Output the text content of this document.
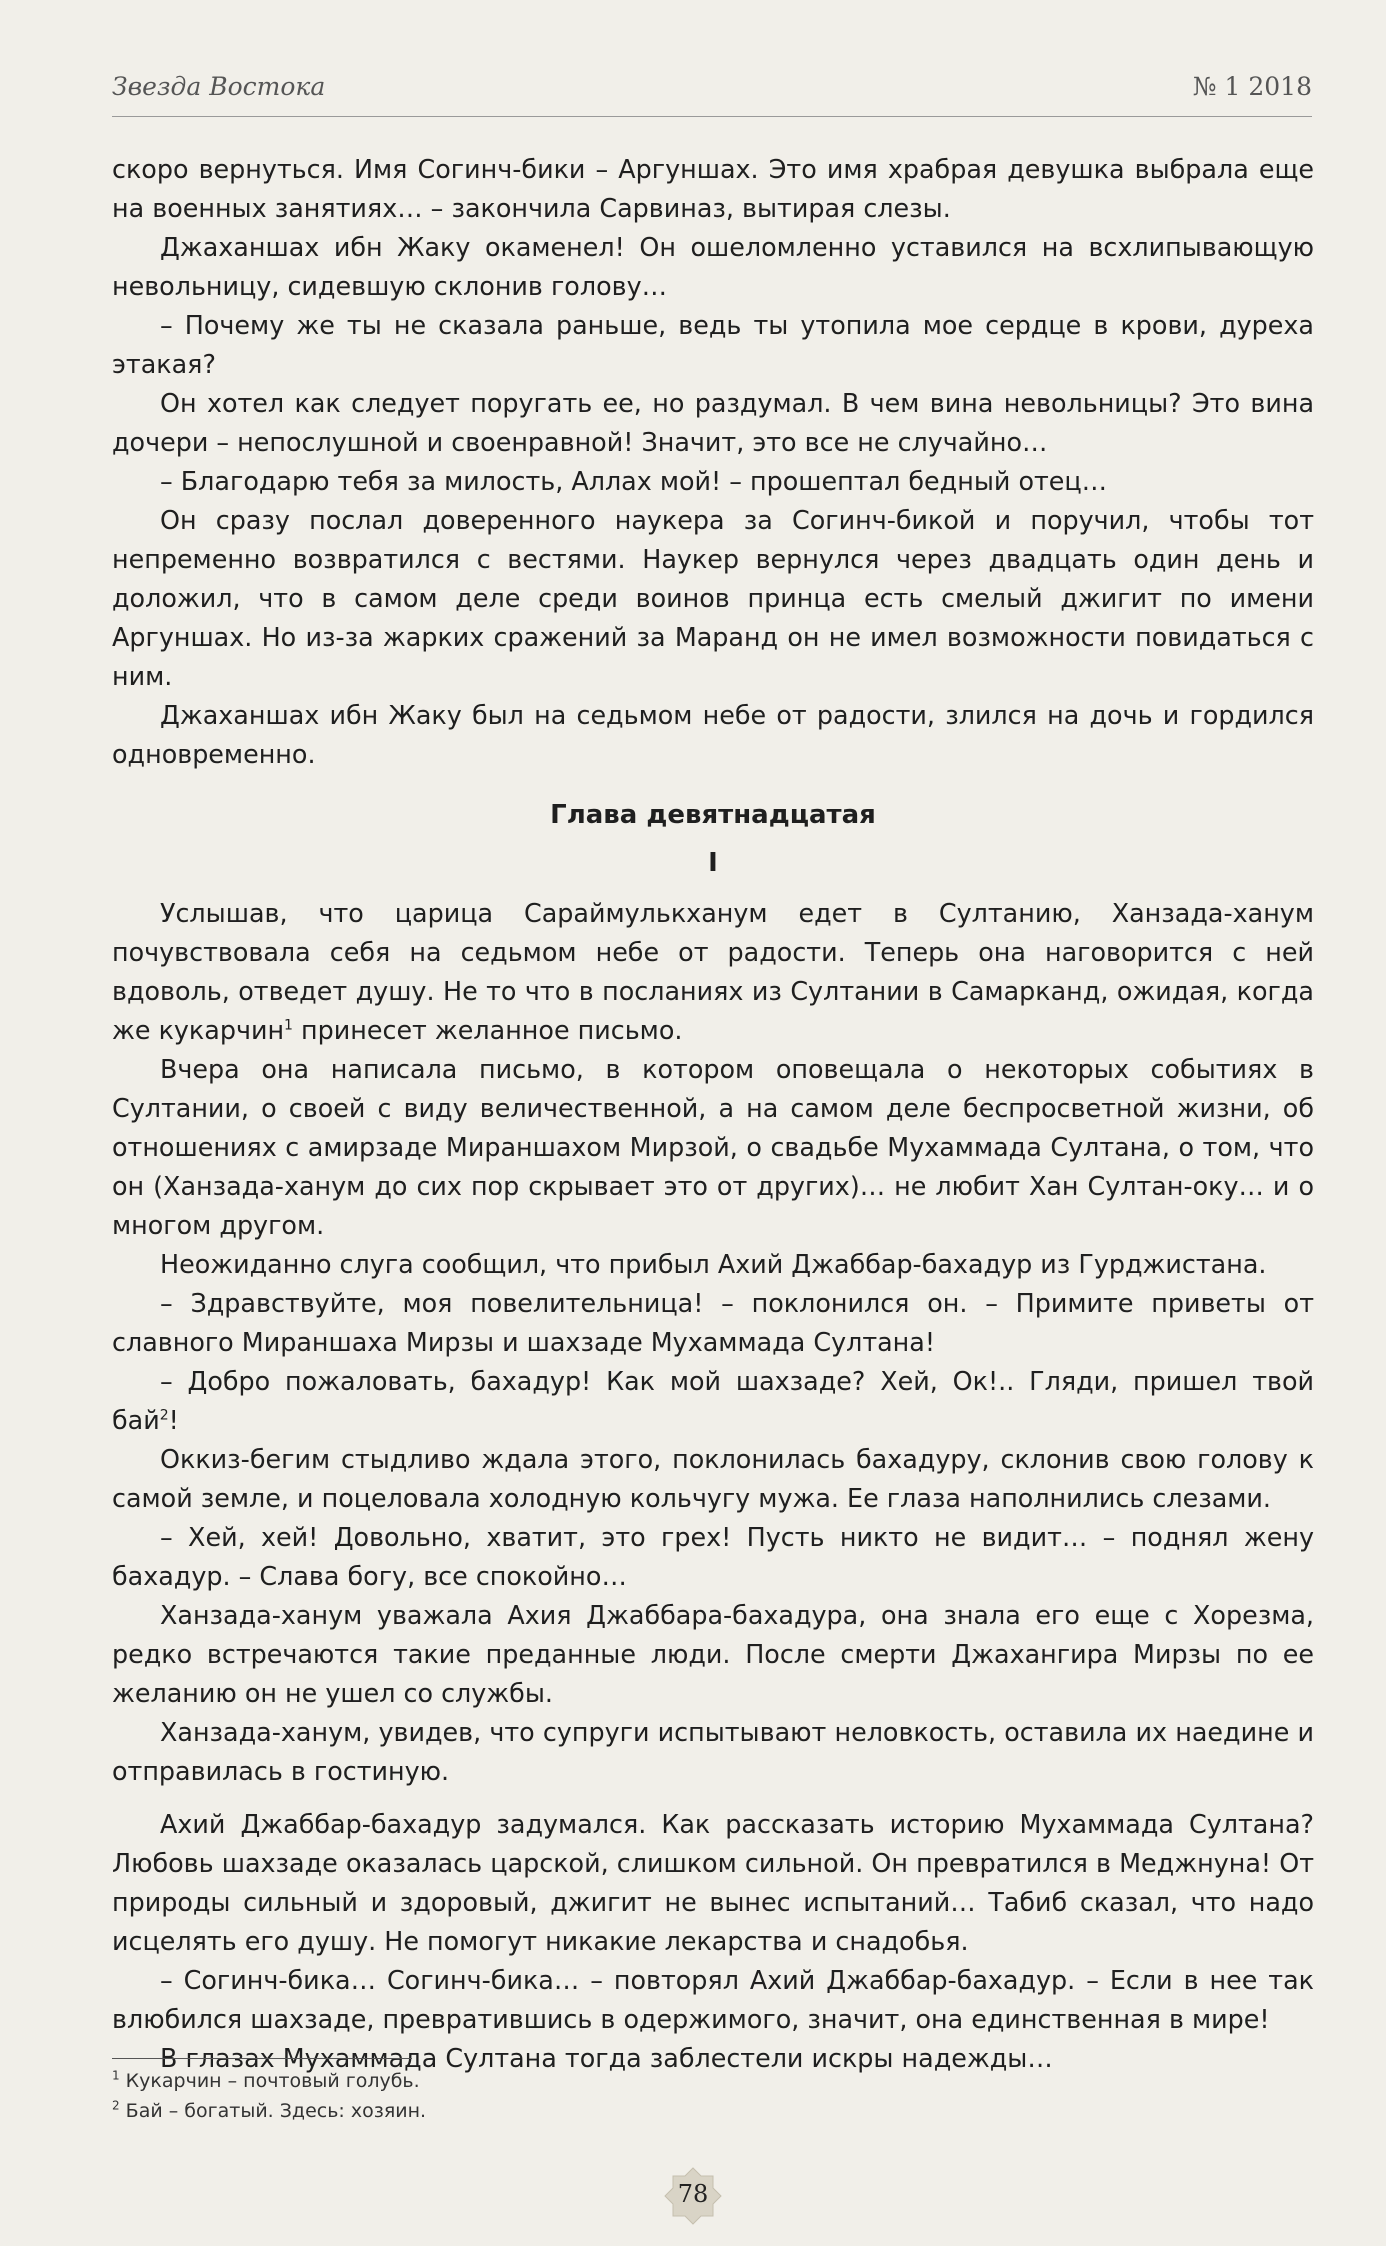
Звезда Востока	№ 1 2018

скоро вернуться. Имя Согинч-бики – Аргуншах. Это имя храбрая девушка выбрала еще на военных занятиях… – закончила Сарвиназ, вытирая слезы.

Джаханшах ибн Жаку окаменел! Он ошеломленно уставился на всхлипывающую невольницу, сидевшую склонив голову…

– Почему же ты не сказала раньше, ведь ты утопила мое сердце в крови, дуреха этакая?

Он хотел как следует поругать ее, но раздумал. В чем вина невольницы? Это вина дочери – непослушной и своенравной! Значит, это все не случайно…

– Благодарю тебя за милость, Аллах мой! – прошептал бедный отец…

Он сразу послал доверенного наукера за Согинч-бикой и поручил, чтобы тот непременно возвратился с вестями. Наукер вернулся через двадцать один день и доложил, что в самом деле среди воинов принца есть смелый джигит по имени Аргуншах. Но из-за жарких сражений за Маранд он не имел возможности повидаться с ним.

Джаханшах ибн Жаку был на седьмом небе от радости, злился на дочь и гордился одновременно.

Глава девятнадцатая
I

Услышав, что царица Сараймулькханум едет в Султанию, Ханзада-ханум почувствовала себя на седьмом небе от радости. Теперь она наговорится с ней вдоволь, отведет душу. Не то что в посланиях из Султании в Самарканд, ожидая, когда же кукарчин$^1$ принесет желанное письмо.

Вчера она написала письмо, в котором оповещала о некоторых событиях в Султании, о своей с виду величественной, а на самом деле беспросветной жизни, об отношениях с амирзаде Мираншахом Мирзой, о свадьбе Мухаммада Султана, о том, что он (Ханзада-ханум до сих пор скрывает это от других)… не любит Хан Султан-оку… и о многом другом.

Неожиданно слуга сообщил, что прибыл Ахий Джаббар-бахадур из Гурджистана.

– Здравствуйте, моя повелительница! – поклонился он. – Примите приветы от славного Мираншаха Мирзы и шахзаде Мухаммада Султана!

– Добро пожаловать, бахадур! Как мой шахзаде? Хей, Ок!.. Гляди, пришел твой бай$^2$!

Оккиз-бегим стыдливо ждала этого, поклонилась бахадуру, склонив свою голову к самой земле, и поцеловала холодную кольчугу мужа. Ее глаза наполнились слезами.

– Хей, хей! Довольно, хватит, это грех! Пусть никто не видит… – поднял жену бахадур. – Слава богу, все спокойно…

Ханзада-ханум уважала Ахия Джаббара-бахадура, она знала его еще с Хорезма, редко встречаются такие преданные люди. После смерти Джахангира Мирзы по ее желанию он не ушел со службы.

Ханзада-ханум, увидев, что супруги испытывают неловкость, оставила их наедине и отправилась в гостиную.

Ахий Джаббар-бахадур задумался. Как рассказать историю Мухаммада Султана? Любовь шахзаде оказалась царской, слишком сильной. Он превратился в Меджнуна! От природы сильный и здоровый, джигит не вынес испытаний… Табиб сказал, что надо исцелять его душу. Не помогут никакие лекарства и снадобья.

– Согинч-бика… Согинч-бика… – повторял Ахий Джаббар-бахадур. – Если в нее так влюбился шахзаде, превратившись в одержимого, значит, она единственная в мире!

В глазах Мухаммада Султана тогда заблестели искры надежды…

$^1$ Кукарчин – почтовый голубь.
$^2$ Бай – богатый. Здесь: хозяин.
78
